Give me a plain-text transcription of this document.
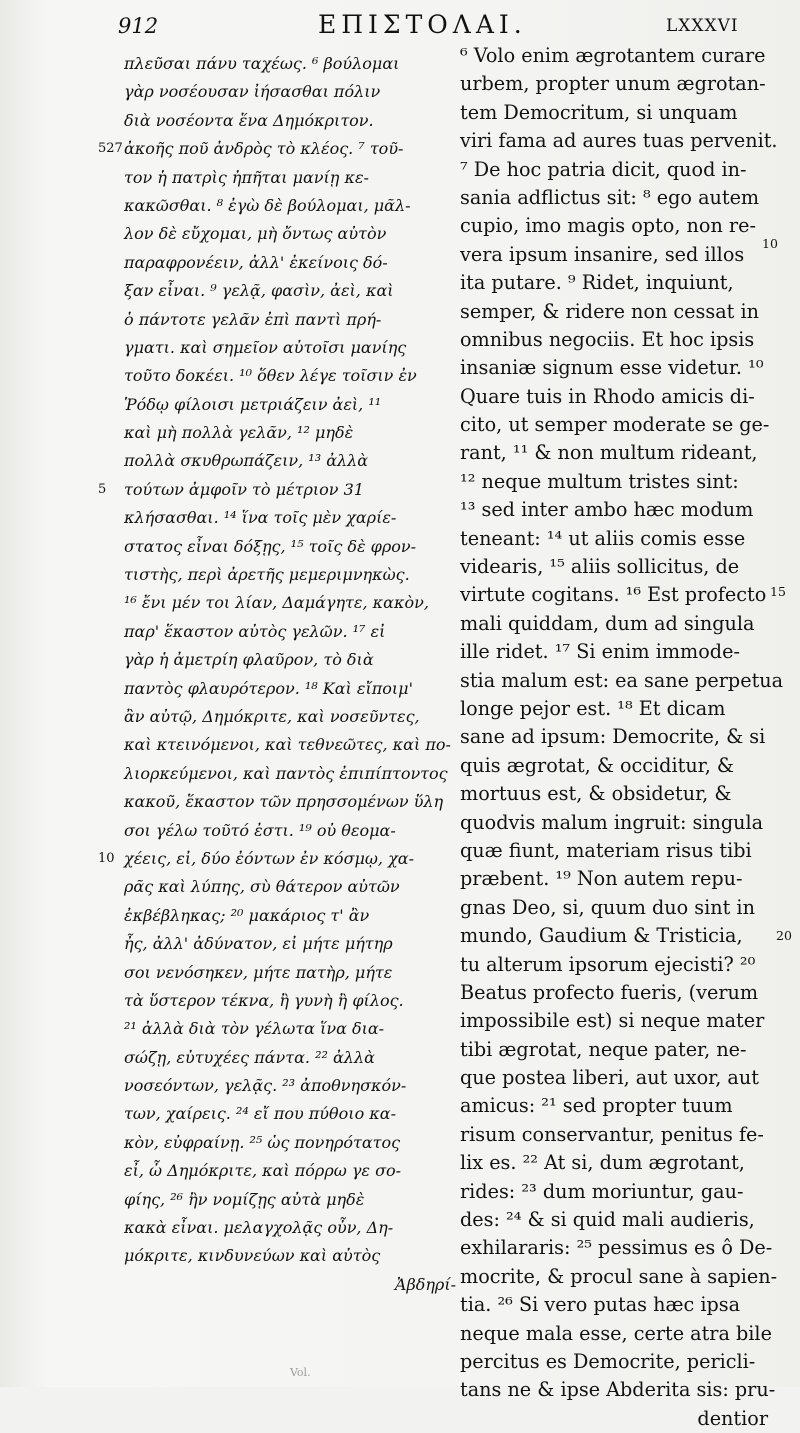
912	ΕΠΙΣΤΟΛΑΙ.	LXXXVI
πλεῦσαι πάνυ ταχέως. ⁶ βούλομαι
γὰρ νοσέουσαν ἰήσασθαι πόλιν
διὰ νοσέοντα ἕνα Δημόκριτον.
527 ἀκοῆς ποῦ ἀνδρὸς τὸ κλέος. ⁷ τοῦ-
τον ἡ πατρὶς ἠπῆται μανίῃ κε-
κακῶσθαι. ⁸ ἐγὼ δὲ βούλομαι, μᾶλ-
λον δὲ εὔχομαι, μὴ ὄντως αὐτὸν
παραφρονέειν, ἀλλ' ἐκείνοις δό-
ξαν εἶναι. ⁹ γελᾷ, φασὶν, ἀεὶ, καὶ
ὁ πάντοτε γελᾶν ἐπὶ παντὶ πρή-
γματι. καὶ σημεῖον αὐτοῖσι μανίης
τοῦτο δοκέει. ¹⁰ ὅθεν λέγε τοῖσιν ἐν
Ῥόδῳ φίλοισι μετριάζειν ἀεὶ, ¹¹
καὶ μὴ πολλὰ γελᾶν, ¹² μηδὲ
πολλὰ σκυθρωπάζειν, ¹³ ἀλλὰ
5 τούτων ἀμφοῖν τὸ μέτριον 31
κλήσασθαι. ¹⁴ ἵνα τοῖς μὲν χαρίε-
στατος εἶναι δόξῃς, ¹⁵ τοῖς δὲ φρον-
τιστὴς, περὶ ἀρετῆς μεμεριμνηκὼς.
¹⁶ ἔνι μέν τοι λίαν, Δαμάγητε, κακὸν,
παρ' ἕκαστον αὐτὸς γελῶν. ¹⁷ εἰ
γὰρ ἡ ἀμετρίη φλαῦρον, τὸ διὰ
παντὸς φλαυρότερον. ¹⁸ Καὶ εἴποιμ'
ἂν αὐτῷ, Δημόκριτε, καὶ νοσεῦντες,
καὶ κτεινόμενοι, καὶ τεθνεῶτες, καὶ πο-
λιορκεύμενοι, καὶ παντὸς ἐπιπίπτοντος
κακοῦ, ἕκαστον τῶν πρησσομένων ὕλη
σοι γέλω τοῦτό ἐστι. ¹⁹ οὐ θεομα-
10 χέεις, εἰ, δύο ἐόντων ἐν κόσμῳ, χα-
ρᾶς καὶ λύπης, σὺ θάτερον αὐτῶν
ἐκβέβληκας; ²⁰ μακάριος τ' ἂν
ἦς, ἀλλ' ἀδύνατον, εἰ μήτε μήτηρ
σοι νενόσηκεν, μήτε πατὴρ, μήτε
τὰ ὕστερον τέκνα, ἢ γυνὴ ἢ φίλος.
²¹ ἀλλὰ διὰ τὸν γέλωτα ἵνα δια-
σώζῃ, εὐτυχέες πάντα. ²² ἀλλὰ
νοσεόντων, γελᾷς. ²³ ἀποθνησκόν-
των, χαίρεις. ²⁴ εἴ που πύθοιο κα-
κὸν, εὐφραίνῃ. ²⁵ ὡς πονηρότατος
εἶ, ὦ Δημόκριτε, καὶ πόρρω γε σο-
φίης, ²⁶ ἢν νομίζῃς αὐτὰ μηδὲ
κακὰ εἶναι. μελαγχολᾷς οὖν, Δη-
μόκριτε, κινδυνεύων καὶ αὐτὸς
Ἀβδηρί-
⁶ Volo enim ægrotantem curare
urbem, propter unum ægrotan-
tem Democritum, si unquam
viri fama ad aures tuas pervenit.
⁷ De hoc patria dicit, quod in-
sania adflictus sit: ⁸ ego autem
cupio, imo magis opto, non re-
vera ipsum insanire, sed illos
ita putare. ⁹ Ridet, inquiunt,
semper, & ridere non cessat in
omnibus negociis. Et hoc ipsis
insaniæ signum esse videtur. ¹⁰
Quare tuis in Rhodo amicis di-
cito, ut semper moderate se ge-
rant, ¹¹ & non multum rideant,
¹² neque multum tristes sint:
¹³ sed inter ambo hæc modum
teneant: ¹⁴ ut aliis comis esse
videaris, ¹⁵ aliis sollicitus, de
virtute cogitans. ¹⁶ Est profecto
mali quiddam, dum ad singula
ille ridet. ¹⁷ Si enim immode-
stia malum est: ea sane perpetua
longe pejor est. ¹⁸ Et dicam
sane ad ipsum: Democrite, & si
quis ægrotat, & occiditur, &
mortuus est, & obsidetur, &
quodvis malum ingruit: singula
quæ fiunt, materiam risus tibi
præbent. ¹⁹ Non autem repu-
gnas Deo, si, quum duo sint in
mundo, Gaudium & Tristicia,
tu alterum ipsorum ejecisti? ²⁰
Beatus profecto fueris, (verum
impossibile est) si neque mater
tibi ægrotat, neque pater, ne-
que postea liberi, aut uxor, aut
amicus: ²¹ sed propter tuum
risum conservantur, penitus fe-
lix es. ²² At si, dum ægrotant,
rides: ²³ dum moriuntur, gau-
des: ²⁴ & si quid mali audieris,
exhilararis: ²⁵ pessimus es ô De-
mocrite, & procul sane à sapien-
tia. ²⁶ Si vero putas hæc ipsa
neque mala esse, certe atra bile
percitus es Democrite, pericli-
tans ne & ipse Abderita sis: pru-
dentior
10
15
20
Vol.
